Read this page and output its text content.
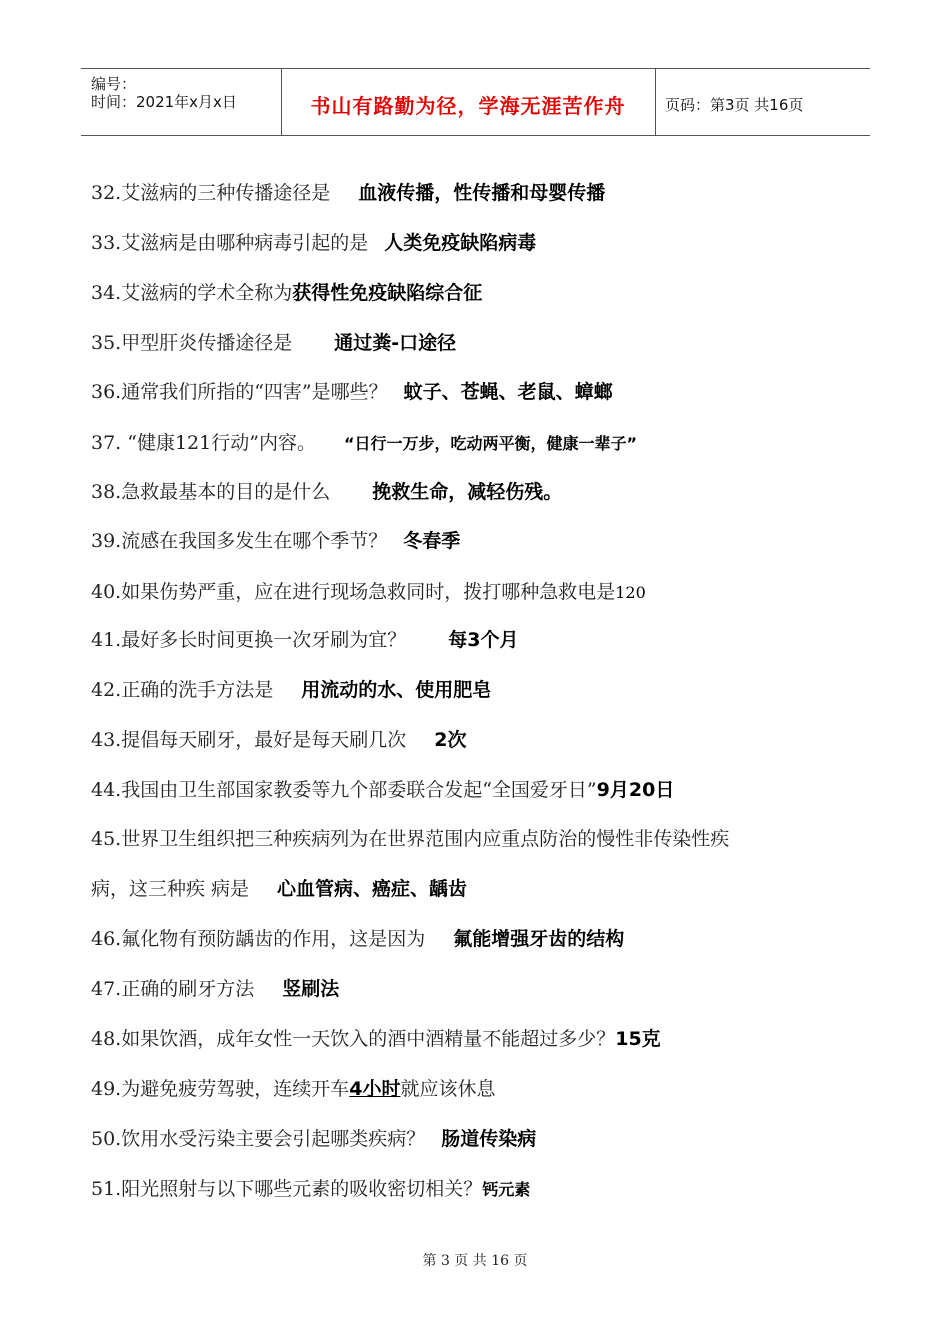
编号：
时间：2021年x月x日	书山有路勤为径，学海无涯苦作舟	页码：第3页 共16页
32.艾滋病的三种传播途径是 血液传播，性传播和母婴传播
33.艾滋病是由哪种病毒引起的是 人类免疫缺陷病毒
34.艾滋病的学术全称为获得性免疫缺陷综合征
35.甲型肝炎传播途径是 通过粪-口途径
36.通常我们所指的“四害”是哪些？ 蚊子、苍蝇、老鼠、蟑螂
37. “健康121行动”内容。 “日行一万步，吃动两平衡，健康一辈子”
38.急救最基本的目的是什么 挽救生命，减轻伤残。
39.流感在我国多发生在哪个季节？ 冬春季
40.如果伤势严重，应在进行现场急救同时，拨打哪种急救电是120
41.最好多长时间更换一次牙刷为宜？ 每3个月
42.正确的洗手方法是 用流动的水、使用肥皂
43.提倡每天刷牙，最好是每天刷几次 2次
44.我国由卫生部国家教委等九个部委联合发起“全国爱牙日”9月20日
45.世界卫生组织把三种疾病列为在世界范围内应重点防治的慢性非传染性疾
病，这三种疾 病是 心血管病、癌症、龋齿
46.氟化物有预防龋齿的作用，这是因为 氟能增强牙齿的结构
47.正确的刷牙方法 竖刷法
48.如果饮酒，成年女性一天饮入的酒中酒精量不能超过多少？15克
49.为避免疲劳驾驶，连续开车4小时就应该休息
50.饮用水受污染主要会引起哪类疾病？ 肠道传染病
51.阳光照射与以下哪些元素的吸收密切相关？钙元素
第 3 页 共 16 页
